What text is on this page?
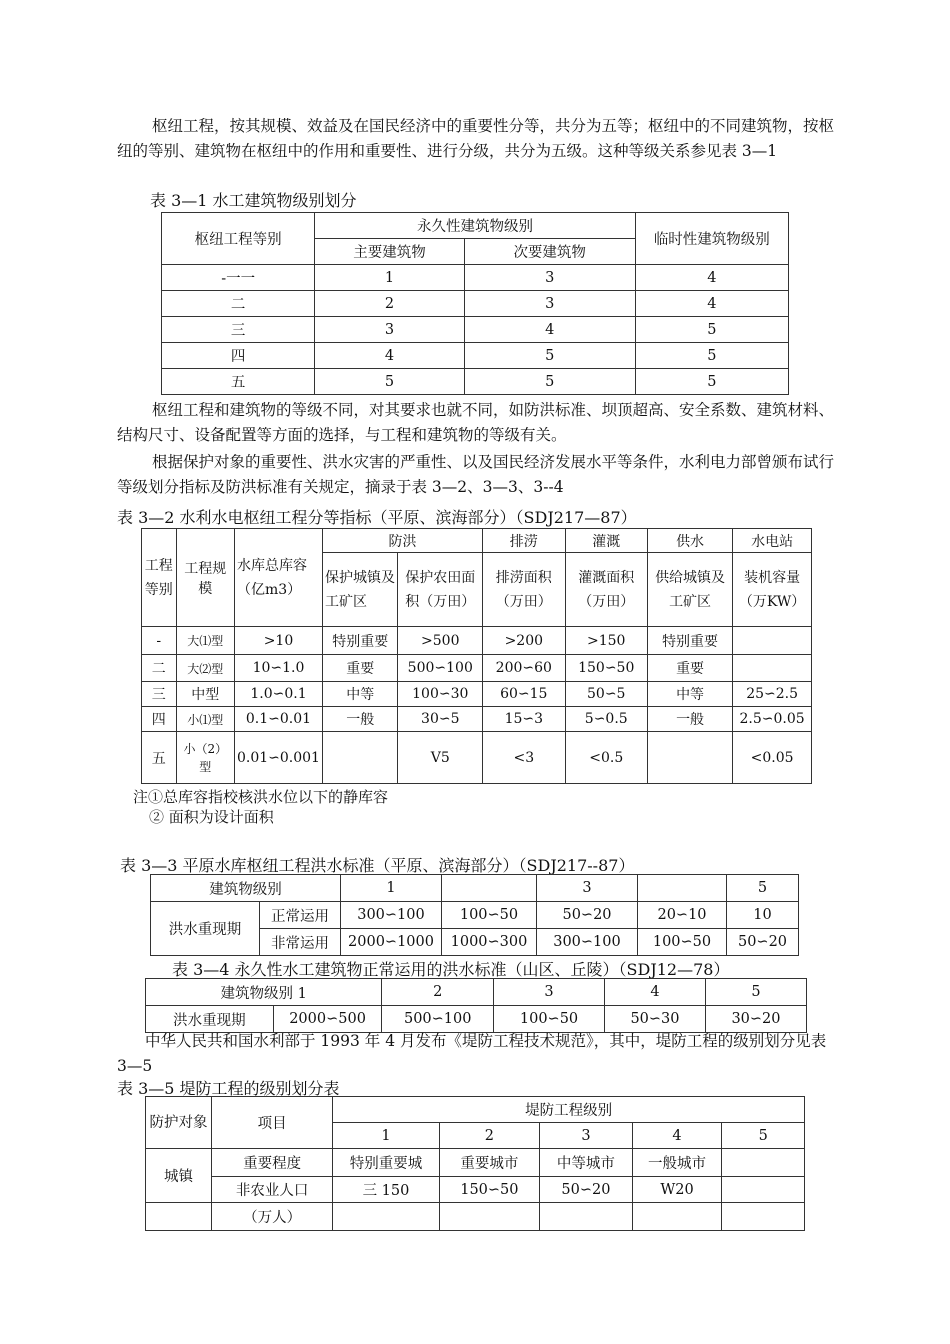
枢纽工程，按其规模、效益及在国民经济中的重要性分等，共分为五等；枢纽中的不同建筑物，按枢纽的等别、建筑物在枢纽中的作用和重要性、进行分级，共分为五级。这种等级关系参见表 3—1
表 3—1 水工建筑物级别划分
枢纽工程等别	永久性建筑物级别		临时性建筑物级别
	主要建筑物	次要建筑物	
-一一	1	3	4
二	2	3	4
三	3	4	5
四	4	5	5
五	5	5	5
枢纽工程和建筑物的等级不同，对其要求也就不同，如防洪标准、坝顶超高、安全系数、建筑材料、结构尺寸、设备配置等方面的选择，与工程和建筑物的等级有关。
根据保护对象的重要性、洪水灾害的严重性、以及国民经济发展水平等条件，水利电力部曾颁布试行等级划分指标及防洪标准有关规定，摘录于表 3—2、3—3、3--4
表 3—2 水利水电枢纽工程分等指标（平原、滨海部分）（SDJ217—87）
工程等别	工程规模	水库总库容（亿m3）	防洪		排涝	灌溉	供水	水电站
			保护城镇及工矿区	保护农田面积（万田）	排涝面积（万田）	灌溉面积（万田）	供给城镇及工矿区	装机容量（万KW）
-	大⑴型	>10	特别重要	>500	>200	>150	特别重要	
二	大⑵型	10∽1.0	重要	500∽100	200∽60	150∽50	重要	
三	中型	1.0∽0.1	中等	100∽30	60∽15	50∽5	中等	25∽2.5
四	小⑴型	0.1∽0.01	一般	30∽5	15∽3	5∽0.5	一般	2.5∽0.05
五	小（2）型	0.01∽0.001		V5	<3	<0.5		<0.05
注①总库容指校核洪水位以下的静库容
② 面积为设计面积
表 3—3 平原水库枢纽工程洪水标准（平原、滨海部分）（SDJ217--87）
建筑物级别		1		3		5
洪水重现期	正常运用	300∽100	100∽50	50∽20	20∽10	10
	非常运用	2000∽1000	1000∽300	300∽100	100∽50	50∽20
表 3—4 永久性水工建筑物正常运用的洪水标准（山区、丘陵）（SDJ12—78）
建筑物级别 1		2	3	4	5
洪水重现期	2000∽500	500∽100	100∽50	50∽30	30∽20
中华人民共和国水利部于 1993 年 4 月发布《堤防工程技术规范》，其中，堤防工程的级别划分见表 3—5
表 3—5 堤防工程的级别划分表
防护对象	项目	堤防工程级别				
		1	2	3	4	5
城镇	重要程度	特别重要城	重要城市	中等城市	一般城市	
	非农业人口	三 150	150∽50	50∽20	W20	
	（万人）					
